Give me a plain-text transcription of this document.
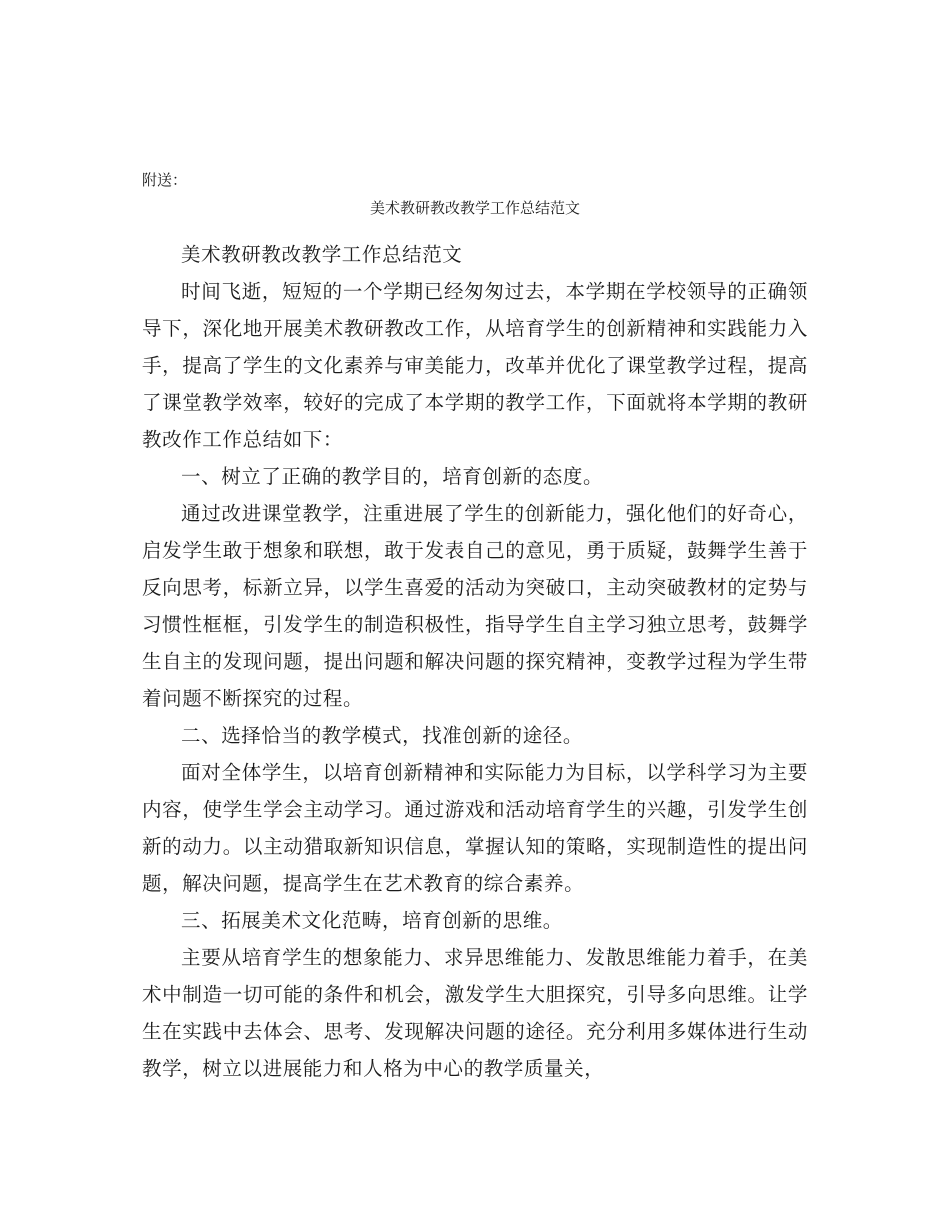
附送：
美术教研教改教学工作总结范文

美术教研教改教学工作总结范文

时间飞逝，短短的一个学期已经匆匆过去，本学期在学校领导的正确领导下，深化地开展美术教研教改工作，从培育学生的创新精神和实践能力入手，提高了学生的文化素养与审美能力，改革并优化了课堂教学过程，提高了课堂教学效率，较好的完成了本学期的教学工作，下面就将本学期的教研教改作工作总结如下：

一、树立了正确的教学目的，培育创新的态度。

通过改进课堂教学，注重进展了学生的创新能力，强化他们的好奇心，启发学生敢于想象和联想，敢于发表自己的意见，勇于质疑，鼓舞学生善于反向思考，标新立异，以学生喜爱的活动为突破口，主动突破教材的定势与习惯性框框，引发学生的制造积极性，指导学生自主学习独立思考，鼓舞学生自主的发现问题，提出问题和解决问题的探究精神，变教学过程为学生带着问题不断探究的过程。

二、选择恰当的教学模式，找准创新的途径。

面对全体学生，以培育创新精神和实际能力为目标，以学科学习为主要内容，使学生学会主动学习。通过游戏和活动培育学生的兴趣，引发学生创新的动力。以主动猎取新知识信息，掌握认知的策略，实现制造性的提出问题，解决问题，提高学生在艺术教育的综合素养。

三、拓展美术文化范畴，培育创新的思维。

主要从培育学生的想象能力、求异思维能力、发散思维能力着手，在美术中制造一切可能的条件和机会，激发学生大胆探究，引导多向思维。让学生在实践中去体会、思考、发现解决问题的途径。充分利用多媒体进行生动教学，树立以进展能力和人格为中心的教学质量关，
